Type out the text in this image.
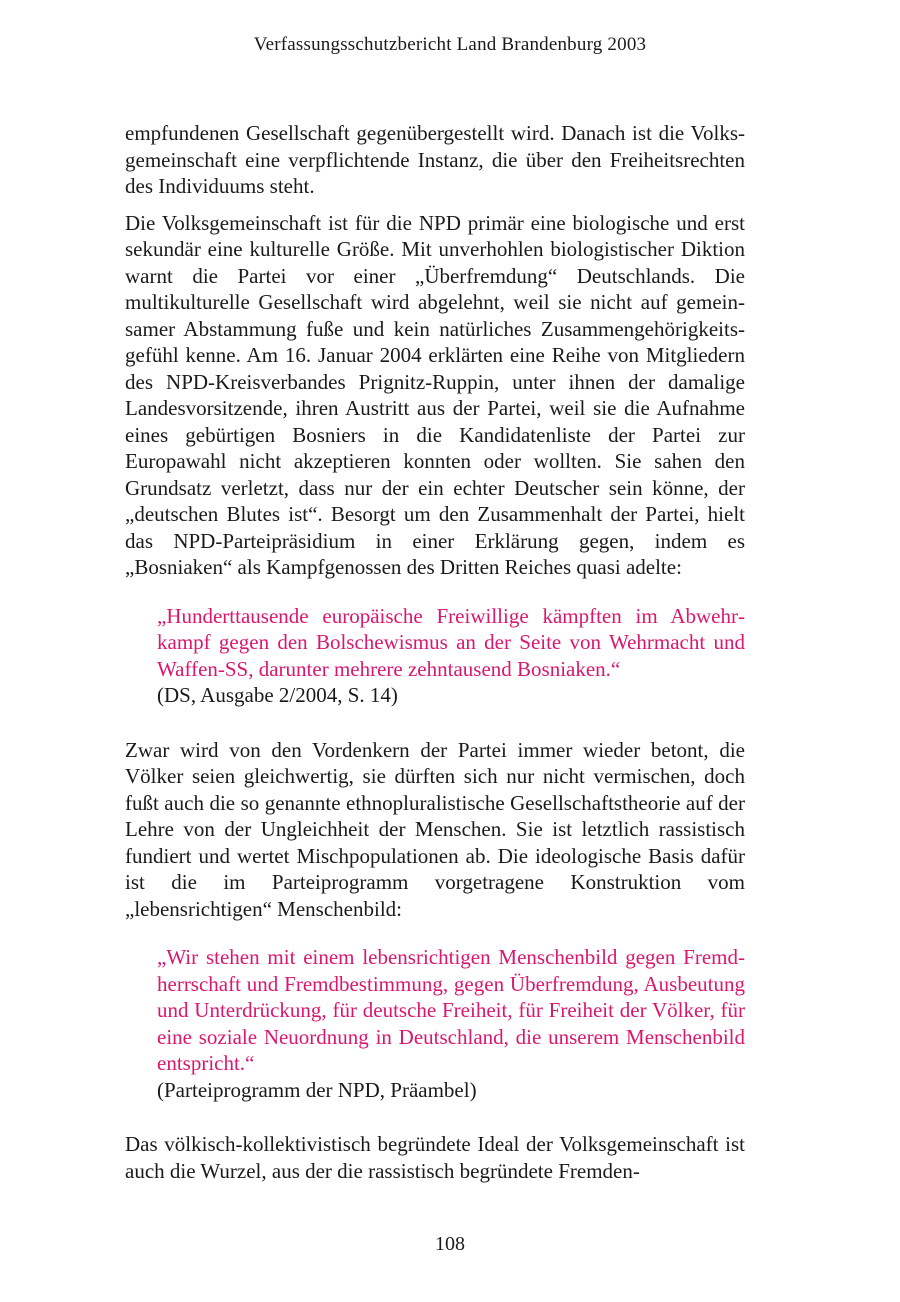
Verfassungsschutzbericht Land Brandenburg 2003

empfundenen Gesellschaft gegenübergestellt wird. Danach ist die Volksgemeinschaft eine verpflichtende Instanz, die über den Freiheitsrechten des Individuums steht.

Die Volksgemeinschaft ist für die NPD primär eine biologische und erst sekundär eine kulturelle Größe. Mit unverhohlen biologistischer Diktion warnt die Partei vor einer „Überfremdung“ Deutschlands. Die multikulturelle Gesellschaft wird abgelehnt, weil sie nicht auf gemeinsamer Abstammung fuße und kein natürliches Zusammengehörigkeitsgefühl kenne. Am 16. Januar 2004 erklärten eine Reihe von Mitgliedern des NPD-Kreisverbandes Prignitz-Ruppin, unter ihnen der damalige Landesvorsitzende, ihren Austritt aus der Partei, weil sie die Aufnahme eines gebürtigen Bosniers in die Kandidatenliste der Partei zur Europawahl nicht akzeptieren konnten oder wollten. Sie sahen den Grundsatz verletzt, dass nur der ein echter Deutscher sein könne, der „deutschen Blutes ist“. Besorgt um den Zusammenhalt der Partei, hielt das NPD-Parteipräsidium in einer Erklärung gegen, indem es „Bosniaken“ als Kampfgenossen des Dritten Reiches quasi adelte:

„Hunderttausende europäische Freiwillige kämpften im Abwehrkampf gegen den Bolschewismus an der Seite von Wehrmacht und Waffen-SS, darunter mehrere zehntausend Bosniaken.“

(DS, Ausgabe 2/2004, S. 14)

Zwar wird von den Vordenkern der Partei immer wieder betont, die Völker seien gleichwertig, sie dürften sich nur nicht vermischen, doch fußt auch die so genannte ethnopluralistische Gesellschaftstheorie auf der Lehre von der Ungleichheit der Menschen. Sie ist letztlich rassistisch fundiert und wertet Mischpopulationen ab. Die ideologische Basis dafür ist die im Parteiprogramm vorgetragene Konstruktion vom „lebensrichtigen“ Menschenbild:

„Wir stehen mit einem lebensrichtigen Menschenbild gegen Fremdherrschaft und Fremdbestimmung, gegen Überfremdung, Ausbeutung und Unterdrückung, für deutsche Freiheit, für Freiheit der Völker, für eine soziale Neuordnung in Deutschland, die unserem Menschenbild entspricht.“

(Parteiprogramm der NPD, Präambel)

Das völkisch-kollektivistisch begründete Ideal der Volksgemeinschaft ist auch die Wurzel, aus der die rassistisch begründete Fremden-

108
